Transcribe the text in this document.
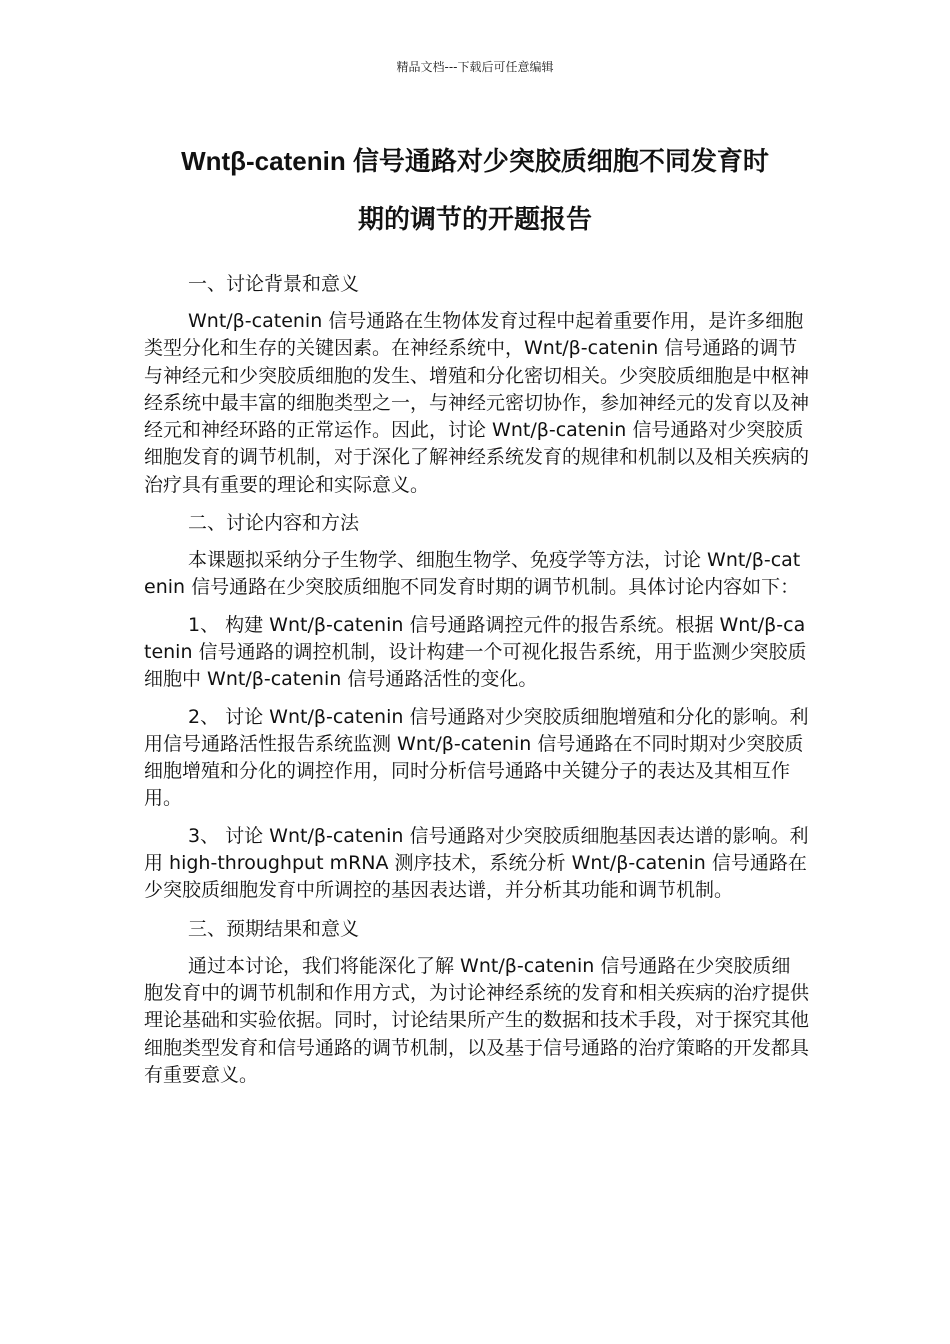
精品文档---下载后可任意编辑
Wntβ-catenin 信号通路对少突胶质细胞不同发育时
期的调节的开题报告
一、讨论背景和意义

Wnt/β-catenin 信号通路在生物体发育过程中起着重要作用，是许多细胞类型分化和生存的关键因素。在神经系统中，Wnt/β-catenin 信号通路的调节与神经元和少突胶质细胞的发生、增殖和分化密切相关。少突胶质细胞是中枢神经系统中最丰富的细胞类型之一，与神经元密切协作，参加神经元的发育以及神经元和神经环路的正常运作。因此，讨论 Wnt/β-catenin 信号通路对少突胶质细胞发育的调节机制，对于深化了解神经系统发育的规律和机制以及相关疾病的治疗具有重要的理论和实际意义。

二、讨论内容和方法

本课题拟采纳分子生物学、细胞生物学、免疫学等方法，讨论 Wnt/β-catenin 信号通路在少突胶质细胞不同发育时期的调节机制。具体讨论内容如下：

1、 构建 Wnt/β-catenin 信号通路调控元件的报告系统。根据 Wnt/β-catenin 信号通路的调控机制，设计构建一个可视化报告系统，用于监测少突胶质细胞中 Wnt/β-catenin 信号通路活性的变化。

2、 讨论 Wnt/β-catenin 信号通路对少突胶质细胞增殖和分化的影响。利用信号通路活性报告系统监测 Wnt/β-catenin 信号通路在不同时期对少突胶质细胞增殖和分化的调控作用，同时分析信号通路中关键分子的表达及其相互作用。

3、 讨论 Wnt/β-catenin 信号通路对少突胶质细胞基因表达谱的影响。利用 high-throughput mRNA 测序技术，系统分析 Wnt/β-catenin 信号通路在少突胶质细胞发育中所调控的基因表达谱，并分析其功能和调节机制。

三、预期结果和意义

通过本讨论，我们将能深化了解 Wnt/β-catenin 信号通路在少突胶质细胞发育中的调节机制和作用方式，为讨论神经系统的发育和相关疾病的治疗提供理论基础和实验依据。同时，讨论结果所产生的数据和技术手段，对于探究其他细胞类型发育和信号通路的调节机制，以及基于信号通路的治疗策略的开发都具有重要意义。
